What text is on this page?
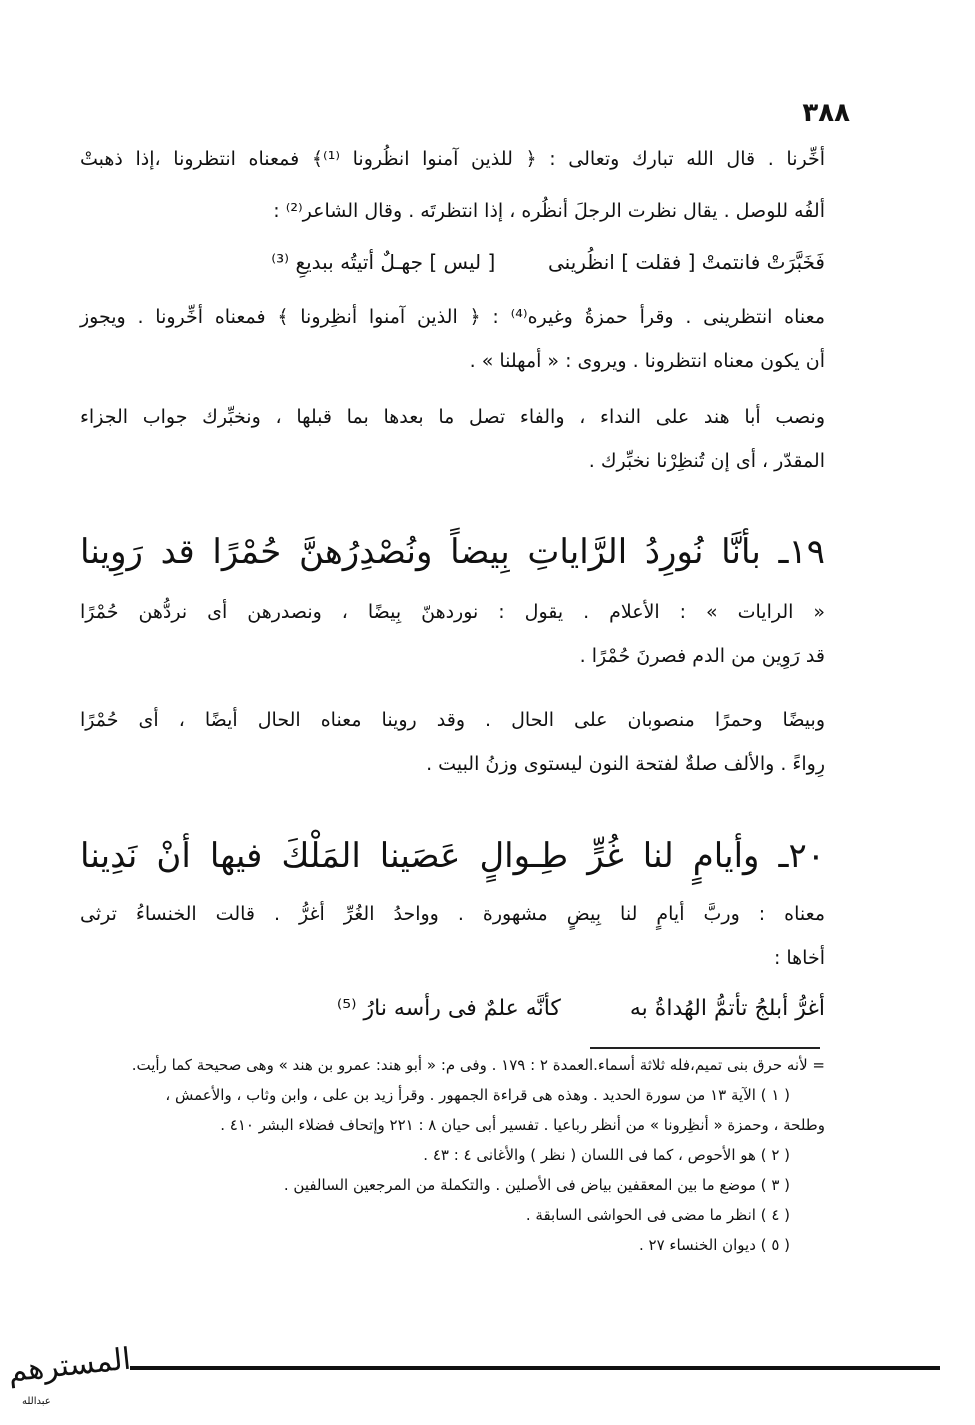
٣٨٨
أخِّرنا . قال الله تبارك وتعالى : ﴿ للذين آمنوا انظُرونا ⁽¹⁾﴾ فمعناه انتظرونا ،إذا ذهبتْ
ألفُه للوصل . يقال نظرت الرجلَ أنظُره ، إذا انتظرتَه . وقال الشاعر⁽²⁾ :
فَخَبَّرَتْ فانتمتْ [ فقلت ] انظُرينى  [ ليس ] جهـلٌ أتيتُه ببديعِ ⁽³⁾
معناه انتظرينى . وقرأ حمزةُ وغيره⁽⁴⁾ : ﴿ الذين آمنوا أنظِرونا ﴾ فمعناه أخِّرونا . ويجوز
أن يكون معناه انتظرونا . ويروى : « أمهلنا » .
ونصب أبا هند على النداء ، والفاء تصل ما بعدها بما قبلها ، ونخبِّرك جواب الجزاء
المقدّر ، أى إن تُنظِرْنا نخبِّرك .
١٩ـ بأنَّا نُورِدُ الرَّاياتِ بِيضاً ونُصْدِرُهنَّ حُمْرًا قد رَوِينا
« الرايات » : الأعلام . يقول : نوردهنّ بِيضًا ، ونصدرهن أى نردُّهن حُمْرًا
قد رَوِين من الدم فصرنَ حُمْرًا .
وبيضًا وحمرًا منصوبان على الحال . وقد روينا معناه الحال أيضًا ، أى حُمْرًا
رِواءً . والألف صلةٌ لفتحة النون ليستوى وزنُ البيت .
٢٠ـ وأيامٍ لنا غُرٍّ طِـوالٍ عَصَينا المَلْكَ فيها أنْ نَدِينا
معناه : وربَّ أيامٍ لنا بِيضٍ مشهورة . وواحدُ الغُرِّ أغرُّ . قالت الخنساءُ ترثى
أخاها :
أغرُّ أبلجُ تأتمُّ الهُداةُ به  كأنَّه علمٌ فى رأسه نارُ ⁽⁵⁾
= لأنه حرق بنى تميم،فله ثلاثة أسماء.العمدة ٢ : ١٧٩ . وفى م: « أبو هند: عمرو بن هند » وهى صحيحة كما رأيت.
( ١ ) الآية ١٣ من سورة الحديد . وهذه هى قراءة الجمهور . وقرأ زيد بن على ، وابن وثاب ، والأعمش ،
وطلحة ، وحمزة « أنظِرونا » من أنظر رباعيا . تفسير أبى حيان ٨ : ٢٢١ وإتحاف فضلاء البشر ٤١٠ .
( ٢ ) هو الأحوص ، كما فى اللسان ( نظر ) والأغانى ٤ : ٤٣ .
( ٣ ) موضع ما بين المعقفين بياض فى الأصلين . والتكملة من المرجعين السالفين .
( ٤ ) انظر ما مضى فى الحواشى السابقة .
( ٥ ) ديوان الخنساء ٢٧ .
المسترهم
عبدالله
